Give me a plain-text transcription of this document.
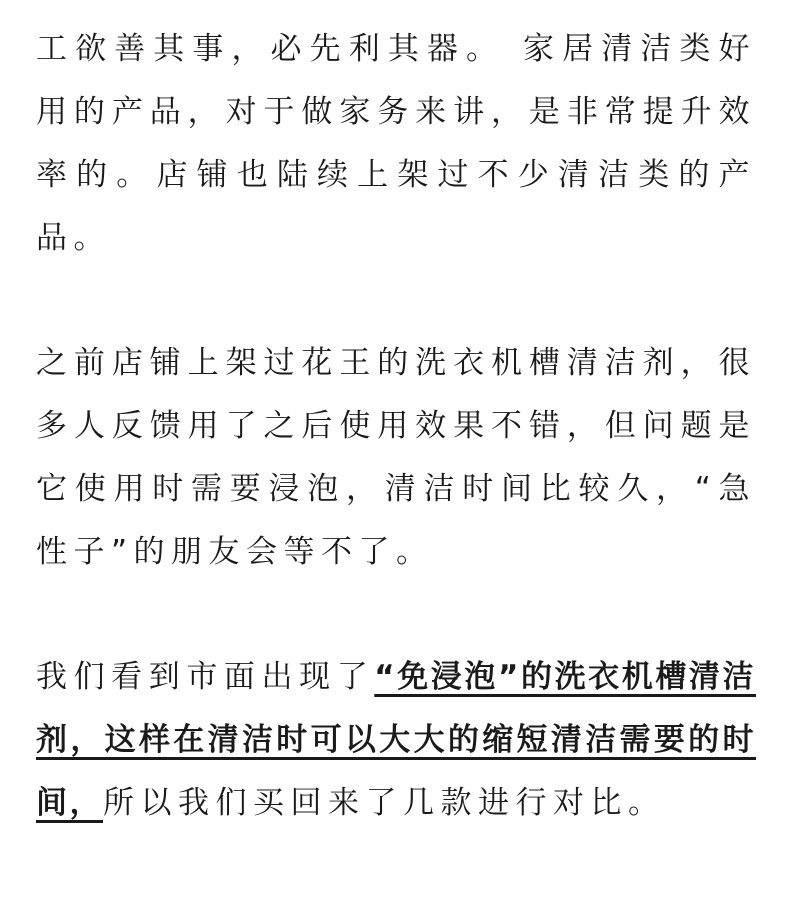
工欲善其事，必先利其器。 家居清洁类好用的产品，对于做家务来讲，是非常提升效率的。店铺也陆续上架过不少清洁类的产品。

之前店铺上架过花王的洗衣机槽清洁剂，很多人反馈用了之后使用效果不错，但问题是它使用时需要浸泡，清洁时间比较久，“急性子”的朋友会等不了。

我们看到市面出现了“免浸泡”的洗衣机槽清洁剂，这样在清洁时可以大大的缩短清洁需要的时间，所以我们买回来了几款进行对比。
